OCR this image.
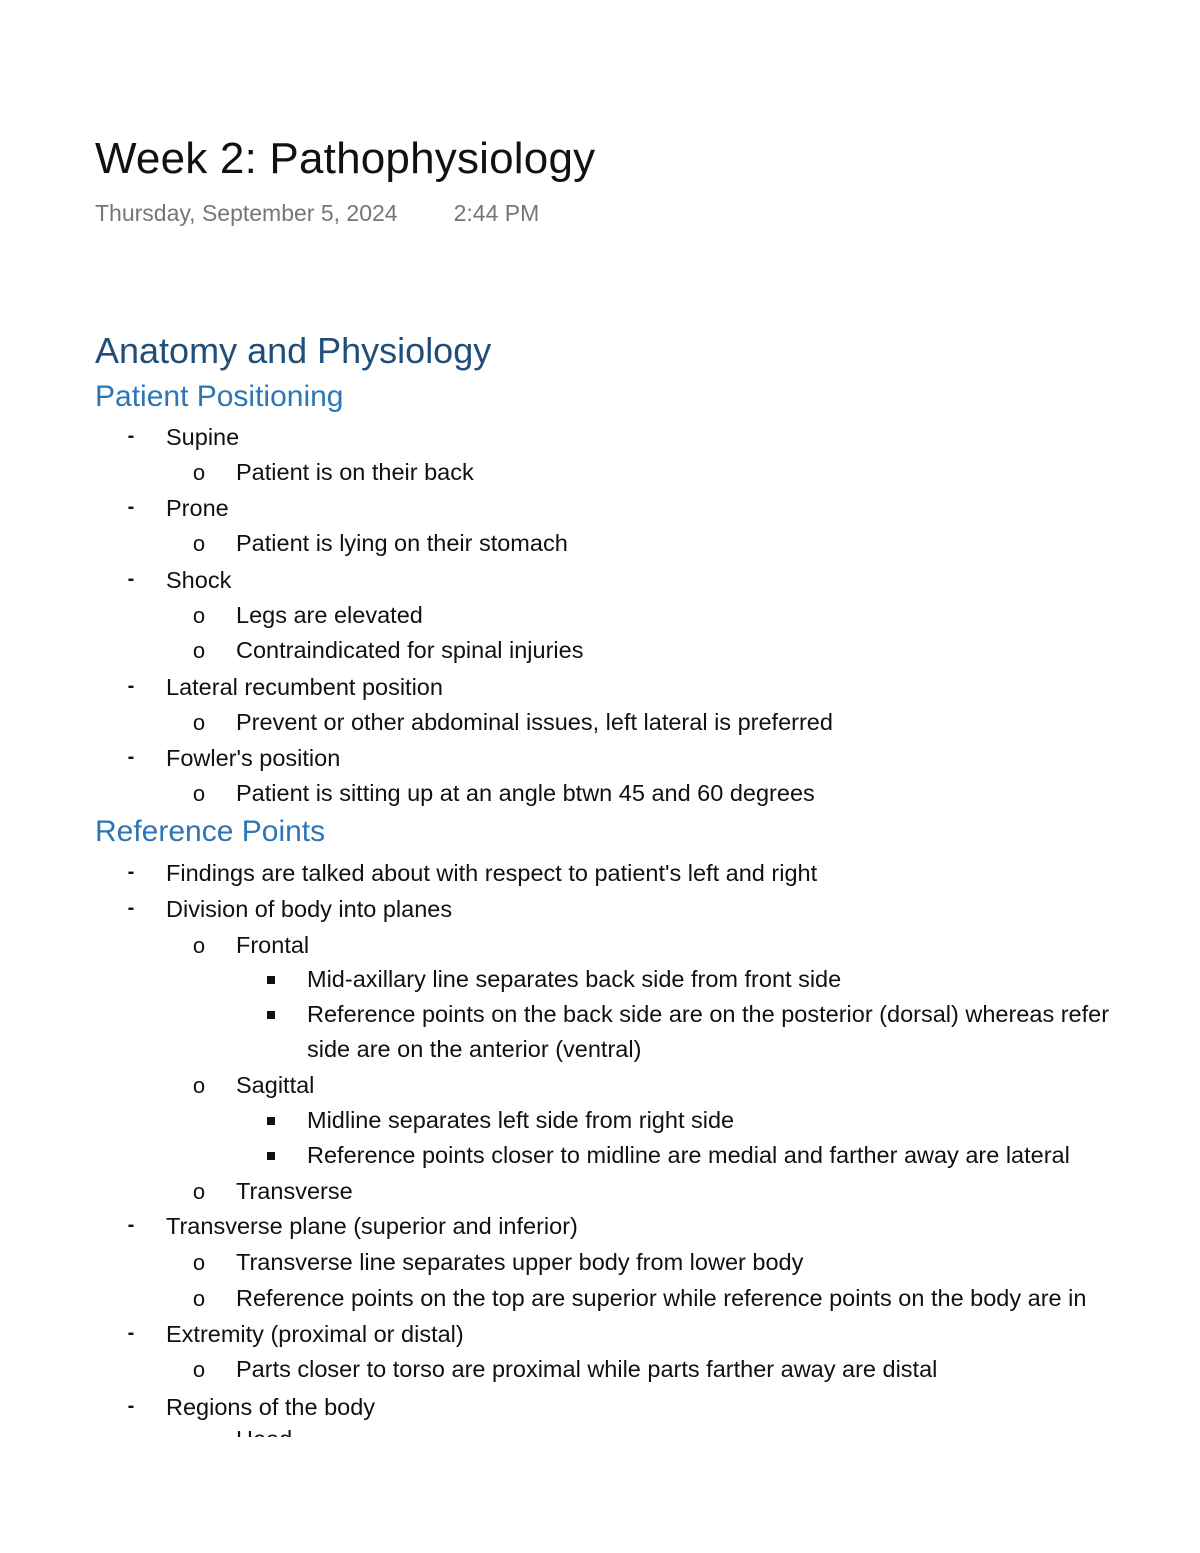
Week 2: Pathophysiology
Thursday, September 5, 2024 2:44 PM
Anatomy and Physiology
Patient Positioning
- Supine
o Patient is on their back
- Prone
o Patient is lying on their stomach
- Shock
o Legs are elevated
o Contraindicated for spinal injuries
- Lateral recumbent position
o Prevent or other abdominal issues, left lateral is preferred
- Fowler's position
o Patient is sitting up at an angle btwn 45 and 60 degrees
Reference Points
- Findings are talked about with respect to patient's left and right
- Division of body into planes
o Frontal
Mid-axillary line separates back side from front side
Reference points on the back side are on the posterior (dorsal) whereas refer
side are on the anterior (ventral)
o Sagittal
Midline separates left side from right side
Reference points closer to midline are medial and farther away are lateral
o Transverse
- Transverse plane (superior and inferior)
o Transverse line separates upper body from lower body
o Reference points on the top are superior while reference points on the body are in
- Extremity (proximal or distal)
o Parts closer to torso are proximal while parts farther away are distal
- Regions of the body
